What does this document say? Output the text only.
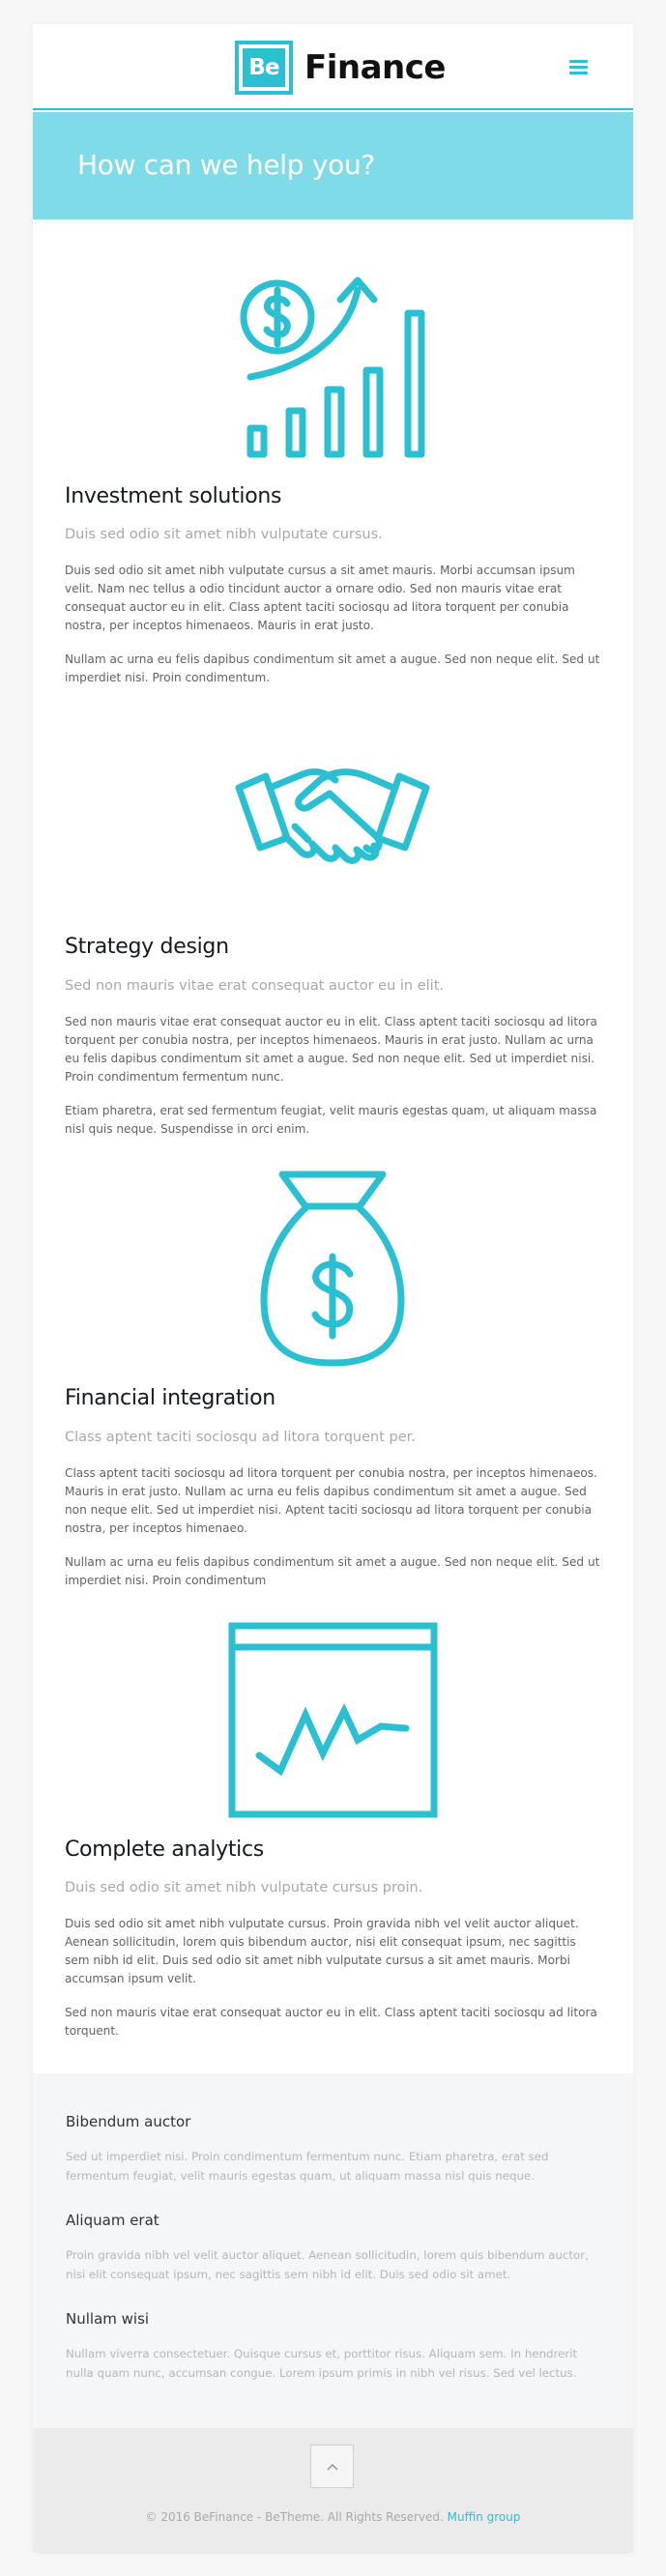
Be Finance
How can we help you?
Investment solutions
Duis sed odio sit amet nibh vulputate cursus.
Duis sed odio sit amet nibh vulputate cursus a sit amet mauris. Morbi accumsan ipsum velit. Nam nec tellus a odio tincidunt auctor a ornare odio. Sed non mauris vitae erat consequat auctor eu in elit. Class aptent taciti sociosqu ad litora torquent per conubia nostra, per inceptos himenaeos. Mauris in erat justo.
Nullam ac urna eu felis dapibus condimentum sit amet a augue. Sed non neque elit. Sed ut imperdiet nisi. Proin condimentum.
Strategy design
Sed non mauris vitae erat consequat auctor eu in elit.
Sed non mauris vitae erat consequat auctor eu in elit. Class aptent taciti sociosqu ad litora torquent per conubia nostra, per inceptos himenaeos. Mauris in erat justo. Nullam ac urna eu felis dapibus condimentum sit amet a augue. Sed non neque elit. Sed ut imperdiet nisi. Proin condimentum fermentum nunc.
Etiam pharetra, erat sed fermentum feugiat, velit mauris egestas quam, ut aliquam massa nisl quis neque. Suspendisse in orci enim.
Financial integration
Class aptent taciti sociosqu ad litora torquent per.
Class aptent taciti sociosqu ad litora torquent per conubia nostra, per inceptos himenaeos. Mauris in erat justo. Nullam ac urna eu felis dapibus condimentum sit amet a augue. Sed non neque elit. Sed ut imperdiet nisi. Aptent taciti sociosqu ad litora torquent per conubia nostra, per inceptos himenaeo.
Nullam ac urna eu felis dapibus condimentum sit amet a augue. Sed non neque elit. Sed ut imperdiet nisi. Proin condimentum
Complete analytics
Duis sed odio sit amet nibh vulputate cursus proin.
Duis sed odio sit amet nibh vulputate cursus. Proin gravida nibh vel velit auctor aliquet. Aenean sollicitudin, lorem quis bibendum auctor, nisi elit consequat ipsum, nec sagittis sem nibh id elit. Duis sed odio sit amet nibh vulputate cursus a sit amet mauris. Morbi accumsan ipsum velit.
Sed non mauris vitae erat consequat auctor eu in elit. Class aptent taciti sociosqu ad litora torquent.
Bibendum auctor
Sed ut imperdiet nisi. Proin condimentum fermentum nunc. Etiam pharetra, erat sed fermentum feugiat, velit mauris egestas quam, ut aliquam massa nisl quis neque.
Aliquam erat
Proin gravida nibh vel velit auctor aliquet. Aenean sollicitudin, lorem quis bibendum auctor, nisi elit consequat ipsum, nec sagittis sem nibh id elit. Duis sed odio sit amet.
Nullam wisi
Nullam viverra consectetuer. Quisque cursus et, porttitor risus. Aliquam sem. In hendrerit nulla quam nunc, accumsan congue. Lorem ipsum primis in nibh vel risus. Sed vel lectus.
© 2016 BeFinance - BeTheme. All Rights Reserved. Muffin group
